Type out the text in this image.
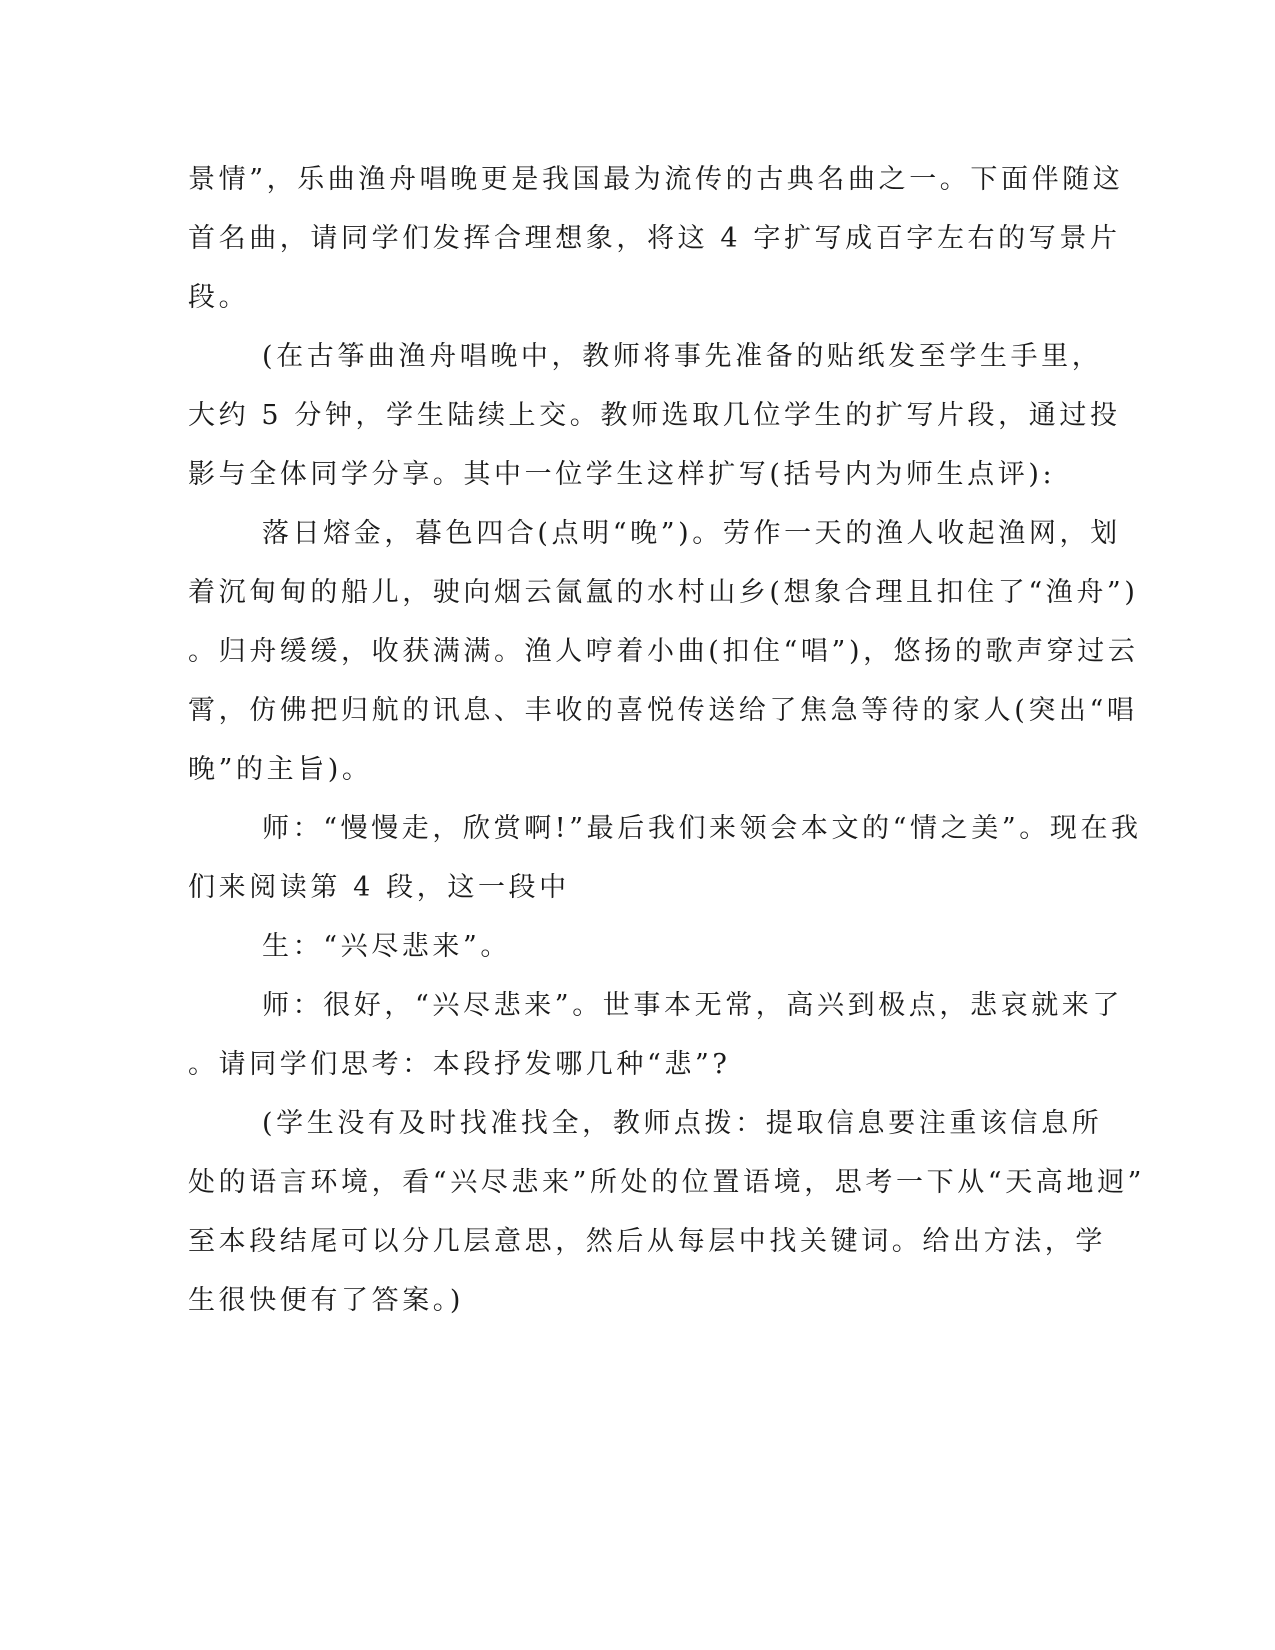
景情”，乐曲渔舟唱晚更是我国最为流传的古典名曲之一。下面伴随这
首名曲，请同学们发挥合理想象，将这 4 字扩写成百字左右的写景片
段。
(在古筝曲渔舟唱晚中，教师将事先准备的贴纸发至学生手里，
大约 5 分钟，学生陆续上交。教师选取几位学生的扩写片段，通过投
影与全体同学分享。其中一位学生这样扩写(括号内为师生点评):
落日熔金，暮色四合(点明“晚”)。劳作一天的渔人收起渔网，划
着沉甸甸的船儿，驶向烟云氤氲的水村山乡(想象合理且扣住了“渔舟”)
。归舟缓缓，收获满满。渔人哼着小曲(扣住“唱”)，悠扬的歌声穿过云
霄，仿佛把归航的讯息、丰收的喜悦传送给了焦急等待的家人(突出“唱
晚”的主旨)。
师：“慢慢走，欣赏啊!”最后我们来领会本文的“情之美”。现在我
们来阅读第 4 段，这一段中
生：“兴尽悲来”。
师：很好，“兴尽悲来”。世事本无常，高兴到极点，悲哀就来了
。请同学们思考：本段抒发哪几种“悲”?
(学生没有及时找准找全，教师点拨：提取信息要注重该信息所
处的语言环境，看“兴尽悲来”所处的位置语境，思考一下从“天高地迥”
至本段结尾可以分几层意思，然后从每层中找关键词。给出方法，学
生很快便有了答案。)
